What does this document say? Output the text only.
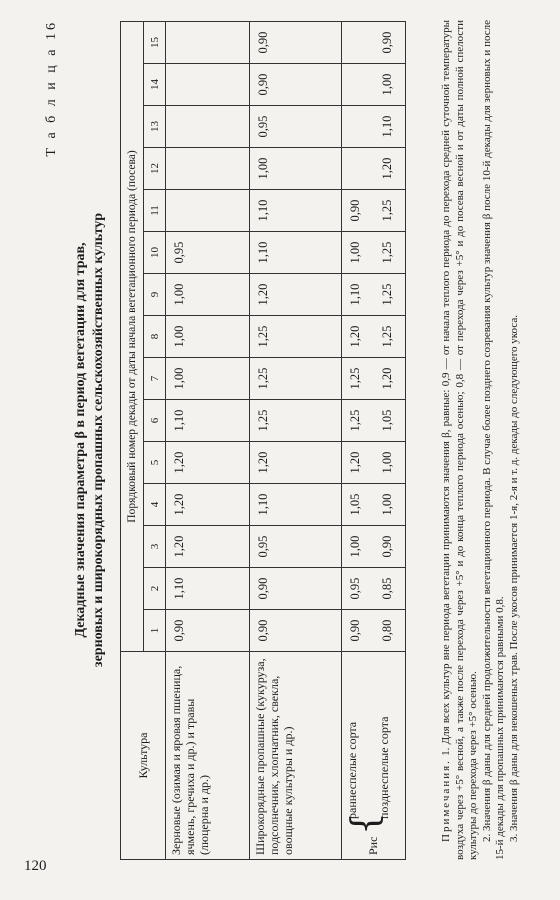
120
Т а б л и ц а 16
Декадные значения параметра β в период вегетации для трав, зерновых и широкорядных пропашных сельскохозяйственных культур
Культура	Порядковый номер декады от даты начала вегетационного периода (посева)														
	1	2	3	4	5	6	7	8	9	10	11	12	13	14	15
Зерновые (озимая и яровая пшеница, ячмень, гречиха и др.) и травы (люцерна и др.)	0,90	1,10	1,20	1,20	1,20	1,10	1,00	1,00	1,00	0,95					
Широкорядные пропашные (кукуруза, подсолнечник, хлопчатник, свекла, овощные культуры и др.)	0,90	0,90	0,95	1,10	1,20	1,25	1,25	1,25	1,20	1,10	1,10	1,00	0,95	0,90	0,90

Рис
{
раннеспелые сорта	0,90	0,95	1,00	1,05	1,20	1,25	1,25	1,20	1,10	1,00	0,90				
позднеспелые сорта	0,80	0,85	0,90	1,00	1,00	1,05	1,20	1,25	1,25	1,25	1,25	1,20	1,10	1,00	0,90

Примечания. 1. Для всех культур вне периода вегетации принимаются значения β, равные: 0,9 — от начала теплого периода до перехода средней суточной температуры воздуха через +5° весной, а также после перехода через +5° и до конца теплого периода осенью; 0,8 — от перехода через +5° и до посева весной и от даты полной спелости культуры до перехода через +5° осенью. 2. Значения β даны для средней продолжительности вегетационного периода. В случае более позднего созревания культур значения β после 10-й декады для зерновых и после 15-й декады для пропашных принимаются равными 0,8. 3. Значения β даны для некошеных трав. После укосов принимается 1-я, 2-я и т. д. декады до следующего укоса.
